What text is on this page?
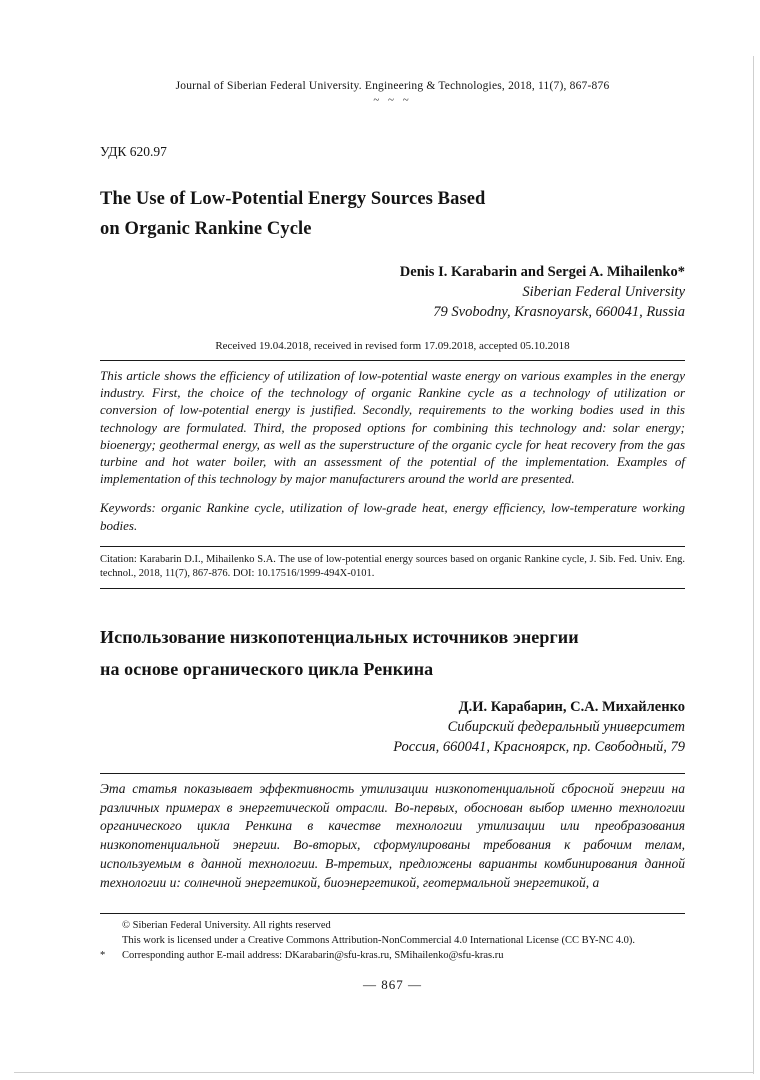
Journal of Siberian Federal University. Engineering & Technologies, 2018, 11(7), 867-876
~ ~ ~
УДК 620.97
The Use of Low-Potential Energy Sources Based
on Organic Rankine Cycle
Denis I. Karabarin and Sergei A. Mihailenko*
Siberian Federal University
79 Svobodny, Krasnoyarsk, 660041, Russia
Received 19.04.2018, received in revised form 17.09.2018, accepted 05.10.2018

This article shows the efficiency of utilization of low-potential waste energy on various examples in the energy industry. First, the choice of the technology of organic Rankine cycle as a technology of utilization or conversion of low-potential energy is justified. Secondly, requirements to the working bodies used in this technology are formulated. Third, the proposed options for combining this technology and: solar energy; bioenergy; geothermal energy, as well as the superstructure of the organic cycle for heat recovery from the gas turbine and hot water boiler, with an assessment of the potential of the implementation. Examples of implementation of this technology by major manufacturers around the world are presented.

Keywords: organic Rankine cycle, utilization of low-grade heat, energy efficiency, low-temperature working bodies.

Citation: Karabarin D.I., Mihailenko S.A. The use of low-potential energy sources based on organic Rankine cycle, J. Sib. Fed. Univ. Eng. technol., 2018, 11(7), 867-876. DOI: 10.17516/1999-494X-0101.

Использование низкопотенциальных источников энергии
на основе органического цикла Ренкина
Д.И. Карабарин, С.А. Михайленко
Сибирский федеральный университет
Россия, 660041, Красноярск, пр. Свободный, 79

Эта статья показывает эффективность утилизации низкопотенциальной сбросной энергии на различных примерах в энергетической отрасли. Во-первых, обоснован выбор именно технологии органического цикла Ренкина в качестве технологии утилизации или преобразования низкопотенциальной энергии. Во-вторых, сформулированы требования к рабочим телам, используемым в данной технологии. В-третьих, предложены варианты комбинирования данной технологии и: солнечной энергетикой, биоэнергетикой, геотермальной энергетикой, а

© Siberian Federal University. All rights reserved
This work is licensed under a Creative Commons Attribution-NonCommercial 4.0 International License (CC BY-NC 4.0).
* Corresponding author E-mail address: DKarabarin@sfu-kras.ru, SMihailenko@sfu-kras.ru
— 867 —
